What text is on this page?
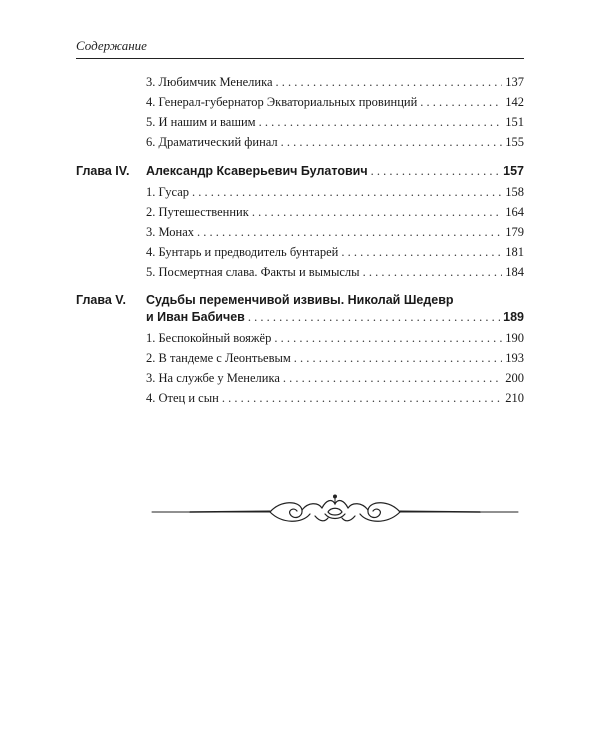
Содержание
3. Любимчик Менелика . . .	137
4. Генерал-губернатор Экваториальных провинций . . .	142
5. И нашим и вашим . . .	151
6. Драматический финал . . .	155
Глава IV. Александр Ксаверьевич Булатович . . .	157
1. Гусар . . .	158
2. Путешественник . . .	164
3. Монах . . .	179
4. Бунтарь и предводитель бунтарей . . .	181
5. Посмертная слава. Факты и вымыслы . . .	184
Глава V. Судьбы переменчивой извивы. Николай Шедевр
и Иван Бабичев . . .	189
1. Беспокойный вояжёр . . .	190
2. В тандеме с Леонтьевым . . .	193
3. На службе у Менелика . . .	200
4. Отец и сын . . .	210
